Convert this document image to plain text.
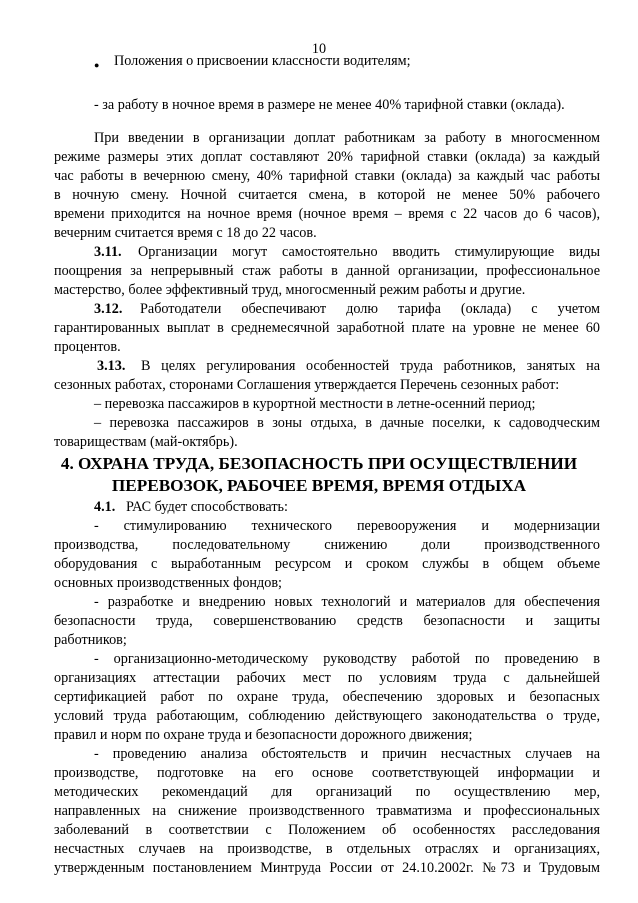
10
● Положения о присвоении классности водителям;
- за работу в ночное время в размере не менее 40% тарифной ставки (оклада).
При введении в организации доплат работникам за работу в многосменном
режиме размеры этих доплат составляют 20% тарифной ставки (оклада) за каждый
час работы в вечернюю смену, 40% тарифной ставки (оклада) за каждый час работы
в ночную смену. Ночной считается смена, в которой не менее 50% рабочего
времени приходится на ночное время (ночное время – время с 22 часов до 6 часов),
вечерним считается время с 18 до 22 часов.
3.11. Организации могут самостоятельно вводить стимулирующие виды
поощрения за непрерывный стаж работы в данной организации, профессиональное
мастерство, более эффективный труд, многосменный режим работы и другие.
3.12. Работодатели обеспечивают долю тарифа (оклада) с учетом
гарантированных выплат в среднемесячной заработной плате на уровне не менее 60
процентов.
3.13. В целях регулирования особенностей труда работников, занятых на
сезонных работах, сторонами Соглашения утверждается Перечень сезонных работ:
– перевозка пассажиров в курортной местности в летне-осенний период;
– перевозка пассажиров в зоны отдыха, в дачные поселки, к садоводческим
товариществам (май-октябрь).
4. ОХРАНА ТРУДА, БЕЗОПАСНОСТЬ ПРИ ОСУЩЕСТВЛЕНИИ
ПЕРЕВОЗОК, РАБОЧЕЕ ВРЕМЯ, ВРЕМЯ ОТДЫХА
4.1. РАС будет способствовать:
- стимулированию технического перевооружения и модернизации
производства, последовательному снижению доли производственного
оборудования с выработанным ресурсом и сроком службы в общем объеме
основных производственных фондов;
- разработке и внедрению новых технологий и материалов для обеспечения
безопасности труда, совершенствованию средств безопасности и защиты
работников;
- организационно-методическому руководству работой по проведению в
организациях аттестации рабочих мест по условиям труда с дальнейшей
сертификацией работ по охране труда, обеспечению здоровых и безопасных
условий труда работающим, соблюдению действующего законодательства о труде,
правил и норм по охране труда и безопасности дорожного движения;
- проведению анализа обстоятельств и причин несчастных случаев на
производстве, подготовке на его основе соответствующей информации и
методических рекомендаций для организаций по осуществлению мер,
направленных на снижение производственного травматизма и профессиональных
заболеваний в соответствии с Положением об особенностях расследования
несчастных случаев на производстве, в отдельных отраслях и организациях,
утвержденным постановлением Минтруда России от 24.10.2002г. №73 и Трудовым
